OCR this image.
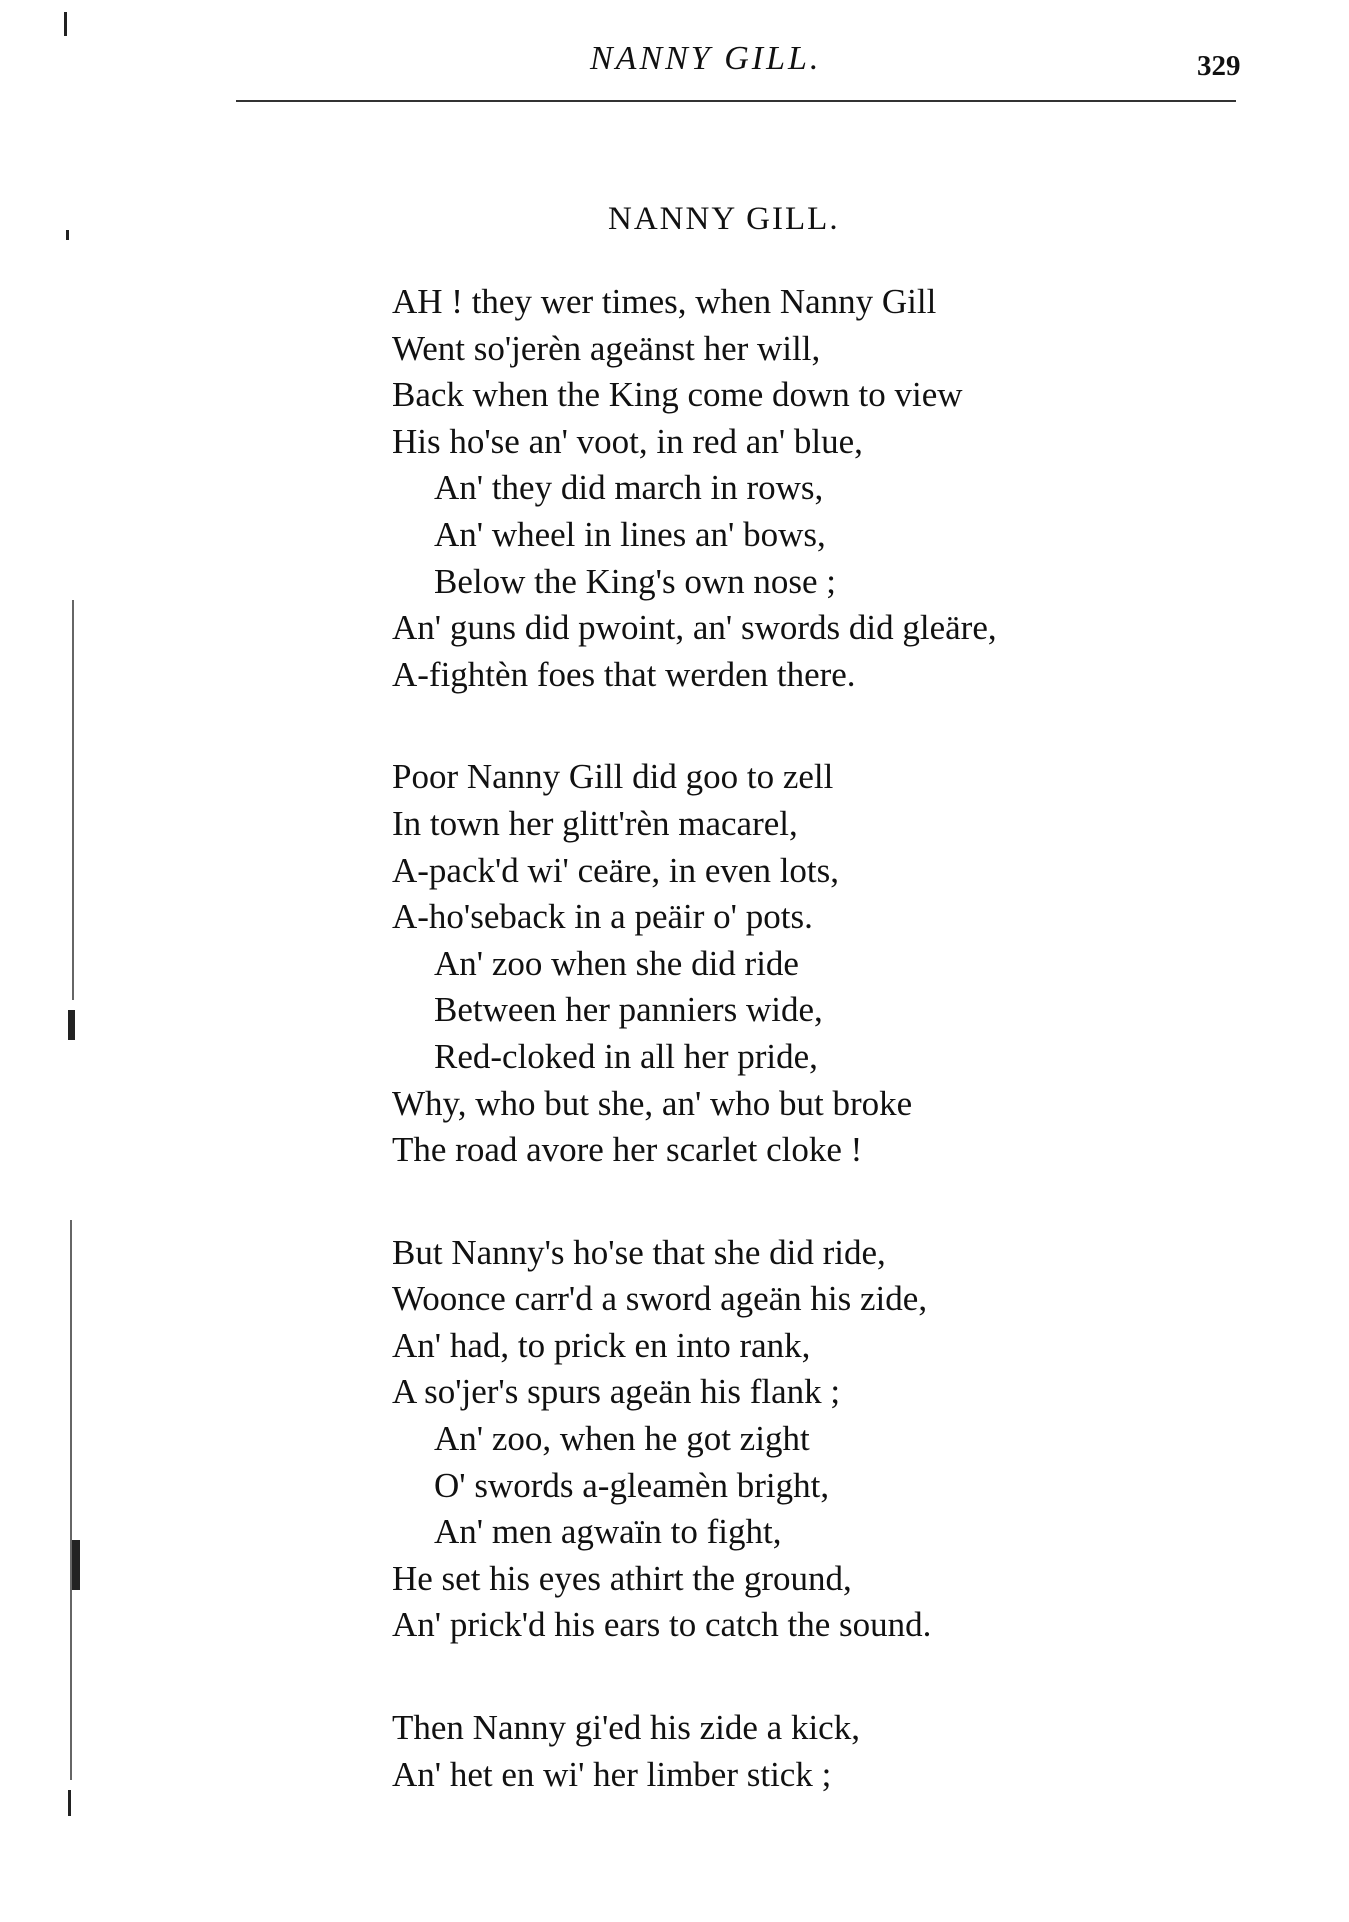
NANNY GILL.	329
NANNY GILL.
AH ! they wer times, when Nanny Gill
Went so'jerèn ageänst her will,
Back when the King come down to view
His ho'se an' voot, in red an' blue,
An' they did march in rows,
An' wheel in lines an' bows,
Below the King's own nose ;
An' guns did pwoint, an' swords did gleäre,
A-fightèn foes that werden there.
Poor Nanny Gill did goo to zell
In town her glitt'rèn macarel,
A-pack'd wi' ceäre, in even lots,
A-ho'seback in a peäir o' pots.
An' zoo when she did ride
Between her panniers wide,
Red-cloked in all her pride,
Why, who but she, an' who but broke
The road avore her scarlet cloke !
But Nanny's ho'se that she did ride,
Woonce carr'd a sword ageän his zide,
An' had, to prick en into rank,
A so'jer's spurs ageän his flank ;
An' zoo, when he got zight
O' swords a-gleamèn bright,
An' men agwaïn to fight,
He set his eyes athirt the ground,
An' prick'd his ears to catch the sound.
Then Nanny gi'ed his zide a kick,
An' het en wi' her limber stick ;
